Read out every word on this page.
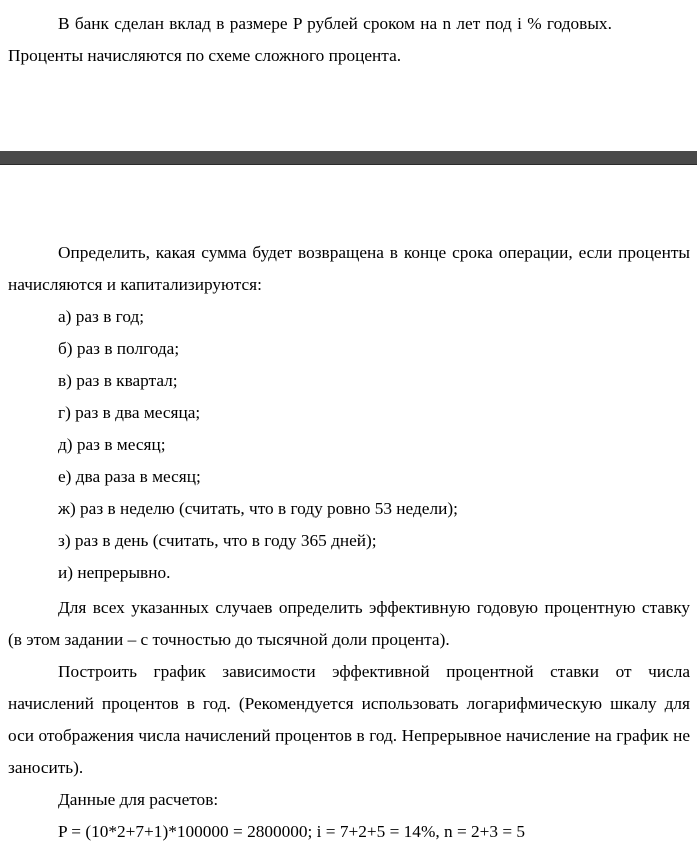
В банк сделан вклад в размере P рублей сроком на n лет под i % годовых.

Проценты начисляются по схеме сложного процента.

Определить, какая сумма будет возвращена в конце срока операции, если проценты начисляются и капитализируются:

а) раз в год;

б) раз в полгода;

в) раз в квартал;

г) раз в два месяца;

д) раз в месяц;

е) два раза в месяц;

ж) раз в неделю (считать, что в году ровно 53 недели);

з) раз в день (считать, что в году 365 дней);

и) непрерывно.

Для всех указанных случаев определить эффективную годовую процентную ставку (в этом задании – с точностью до тысячной доли процента).

Построить график зависимости эффективной процентной ставки от числа начислений процентов в год. (Рекомендуется использовать логарифмическую шкалу для оси отображения числа начислений процентов в год. Непрерывное начисление на график не заносить).

Данные для расчетов:

P = (10*2+7+1)*100000 = 2800000; i = 7+2+5 = 14%, n = 2+3 = 5
